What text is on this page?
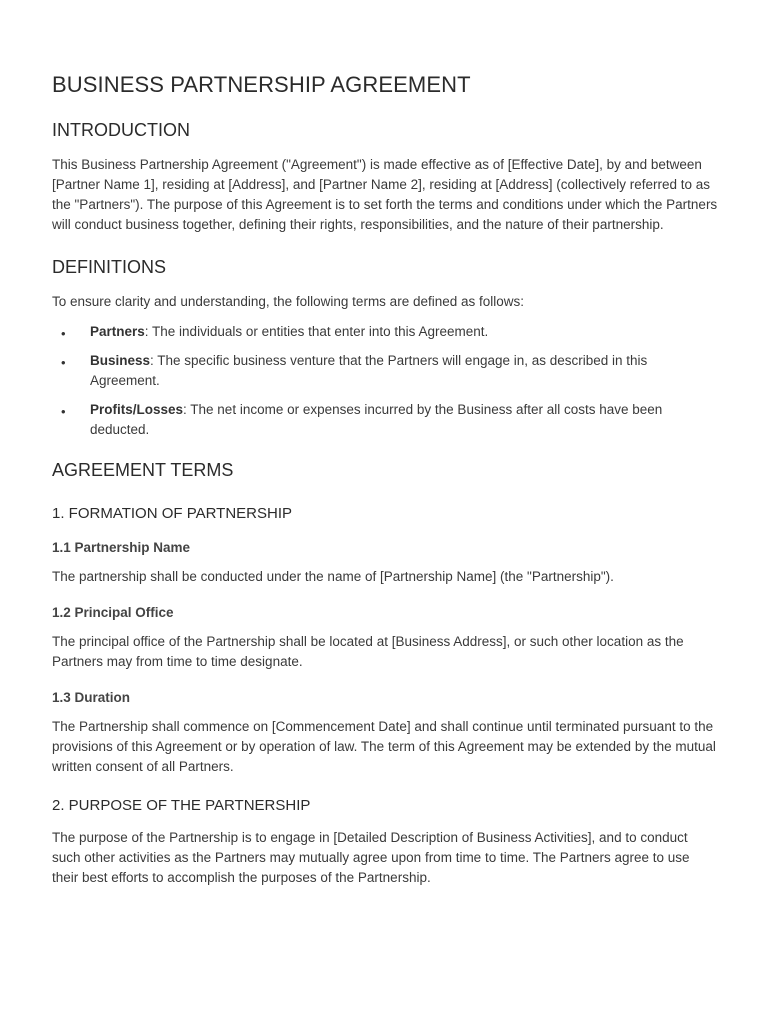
BUSINESS PARTNERSHIP AGREEMENT
INTRODUCTION

This Business Partnership Agreement ("Agreement") is made effective as of [Effective Date], by and between [Partner Name 1], residing at [Address], and [Partner Name 2], residing at [Address] (collectively referred to as the "Partners"). The purpose of this Agreement is to set forth the terms and conditions under which the Partners will conduct business together, defining their rights, responsibilities, and the nature of their partnership.

DEFINITIONS

To ensure clarity and understanding, the following terms are defined as follows:

• Partners: The individuals or entities that enter into this Agreement.
• Business: The specific business venture that the Partners will engage in, as described in this Agreement.
• Profits/Losses: The net income or expenses incurred by the Business after all costs have been deducted.
AGREEMENT TERMS
1. FORMATION OF PARTNERSHIP
1.1 Partnership Name

The partnership shall be conducted under the name of [Partnership Name] (the "Partnership").

1.2 Principal Office

The principal office of the Partnership shall be located at [Business Address], or such other location as the Partners may from time to time designate.

1.3 Duration

The Partnership shall commence on [Commencement Date] and shall continue until terminated pursuant to the provisions of this Agreement or by operation of law. The term of this Agreement may be extended by the mutual written consent of all Partners.

2. PURPOSE OF THE PARTNERSHIP

The purpose of the Partnership is to engage in [Detailed Description of Business Activities], and to conduct such other activities as the Partners may mutually agree upon from time to time. The Partners agree to use their best efforts to accomplish the purposes of the Partnership.
